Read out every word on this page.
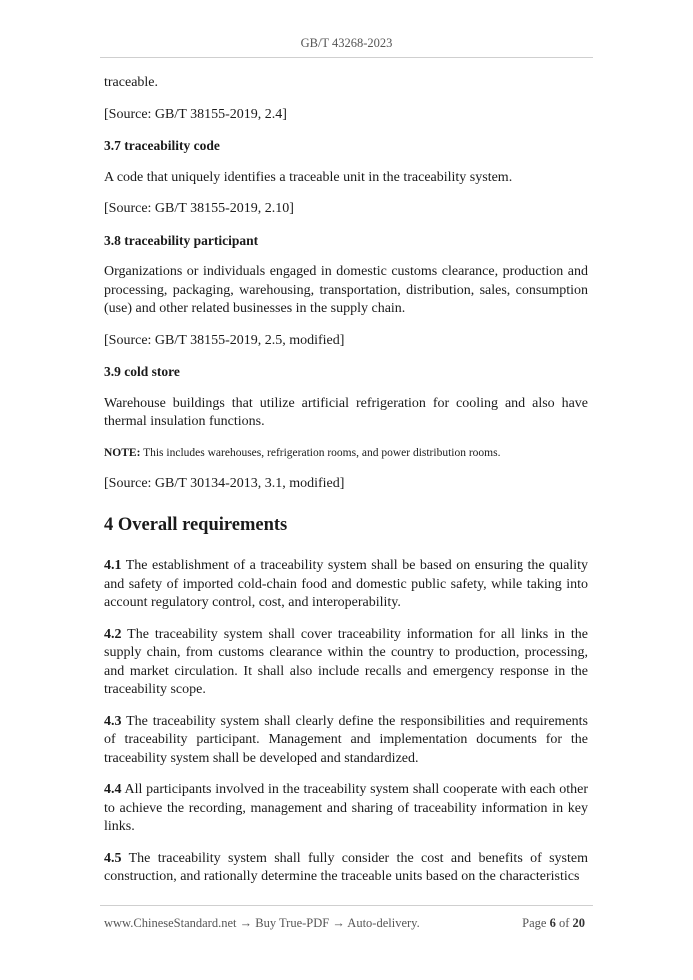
GB/T 43268-2023

traceable.

[Source: GB/T 38155-2019, 2.4]

3.7 traceability code

A code that uniquely identifies a traceable unit in the traceability system.

[Source: GB/T 38155-2019, 2.10]

3.8 traceability participant

Organizations or individuals engaged in domestic customs clearance, production and processing, packaging, warehousing, transportation, distribution, sales, consumption (use) and other related businesses in the supply chain.

[Source: GB/T 38155-2019, 2.5, modified]

3.9 cold store

Warehouse buildings that utilize artificial refrigeration for cooling and also have thermal insulation functions.

NOTE: This includes warehouses, refrigeration rooms, and power distribution rooms.

[Source: GB/T 30134-2013, 3.1, modified]

4 Overall requirements

4.1 The establishment of a traceability system shall be based on ensuring the quality and safety of imported cold-chain food and domestic public safety, while taking into account regulatory control, cost, and interoperability.

4.2 The traceability system shall cover traceability information for all links in the supply chain, from customs clearance within the country to production, processing, and market circulation. It shall also include recalls and emergency response in the traceability scope.

4.3 The traceability system shall clearly define the responsibilities and requirements of traceability participant. Management and implementation documents for the traceability system shall be developed and standardized.

4.4 All participants involved in the traceability system shall cooperate with each other to achieve the recording, management and sharing of traceability information in key links.

4.5 The traceability system shall fully consider the cost and benefits of system construction, and rationally determine the traceable units based on the characteristics

www.ChineseStandard.net → Buy True-PDF → Auto-delivery.	Page 6 of 20
